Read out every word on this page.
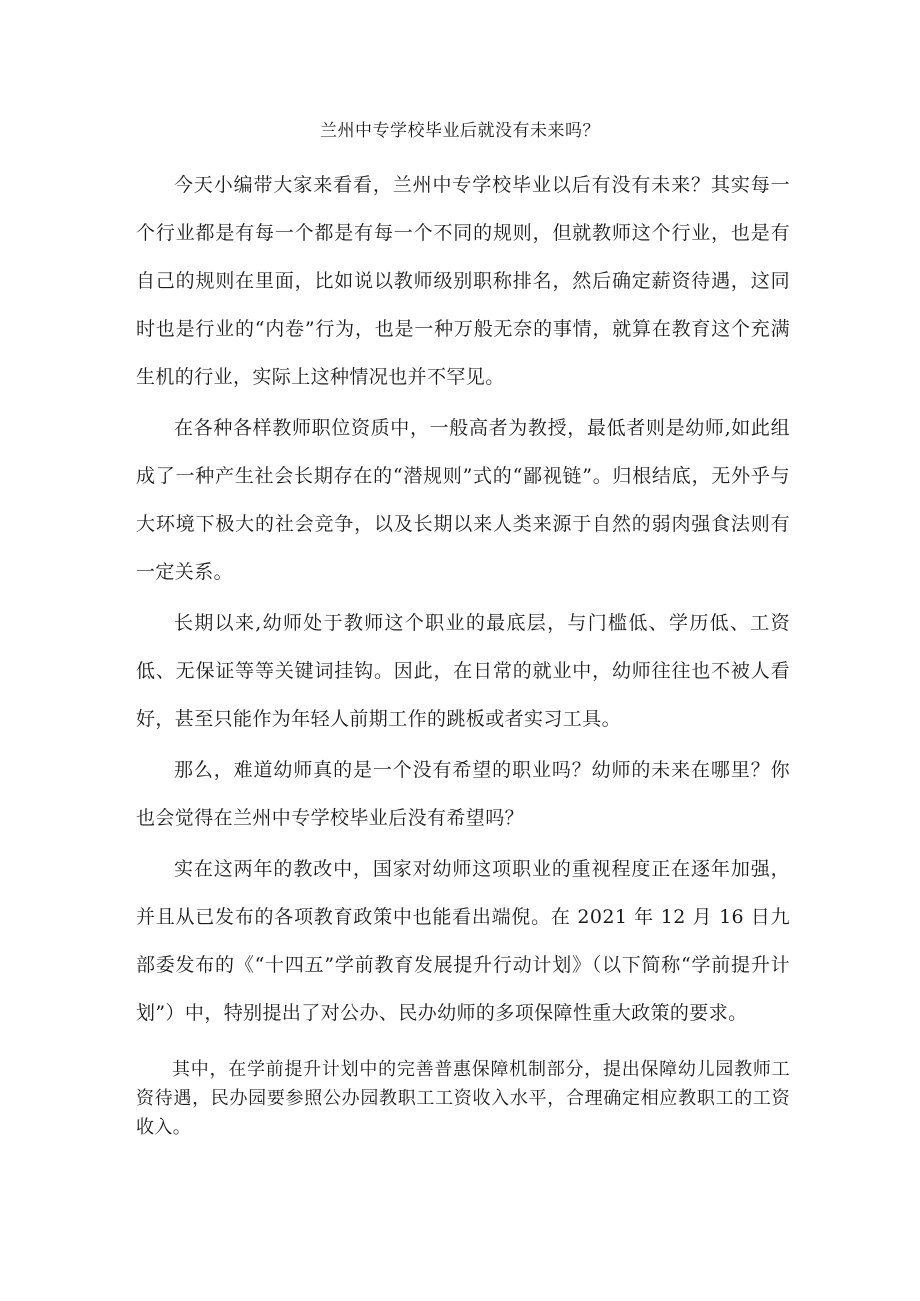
兰州中专学校毕业后就没有未来吗？

今天小编带大家来看看，兰州中专学校毕业以后有没有未来？其实每一个行业都是有每一个都是有每一个不同的规则，但就教师这个行业，也是有自己的规则在里面，比如说以教师级别职称排名，然后确定薪资待遇，这同时也是行业的“内卷”行为，也是一种万般无奈的事情，就算在教育这个充满生机的行业，实际上这种情况也并不罕见。

在各种各样教师职位资质中，一般高者为教授，最低者则是幼师,如此组成了一种产生社会长期存在的“潜规则”式的“鄙视链”。归根结底，无外乎与大环境下极大的社会竞争，以及长期以来人类来源于自然的弱肉强食法则有一定关系。

长期以来,幼师处于教师这个职业的最底层，与门槛低、学历低、工资低、无保证等等关键词挂钩。因此，在日常的就业中，幼师往往也不被人看好，甚至只能作为年轻人前期工作的跳板或者实习工具。

那么，难道幼师真的是一个没有希望的职业吗？幼师的未来在哪里？你也会觉得在兰州中专学校毕业后没有希望吗？

实在这两年的教改中，国家对幼师这项职业的重视程度正在逐年加强，并且从已发布的各项教育政策中也能看出端倪。在 2021 年 12 月 16 日九部委发布的《“十四五”学前教育发展提升行动计划》（以下简称“学前提升计划”）中，特别提出了对公办、民办幼师的多项保障性重大政策的要求。

其中，在学前提升计划中的完善普惠保障机制部分，提出保障幼儿园教师工资待遇，民办园要参照公办园教职工工资收入水平，合理确定相应教职工的工资收入。
